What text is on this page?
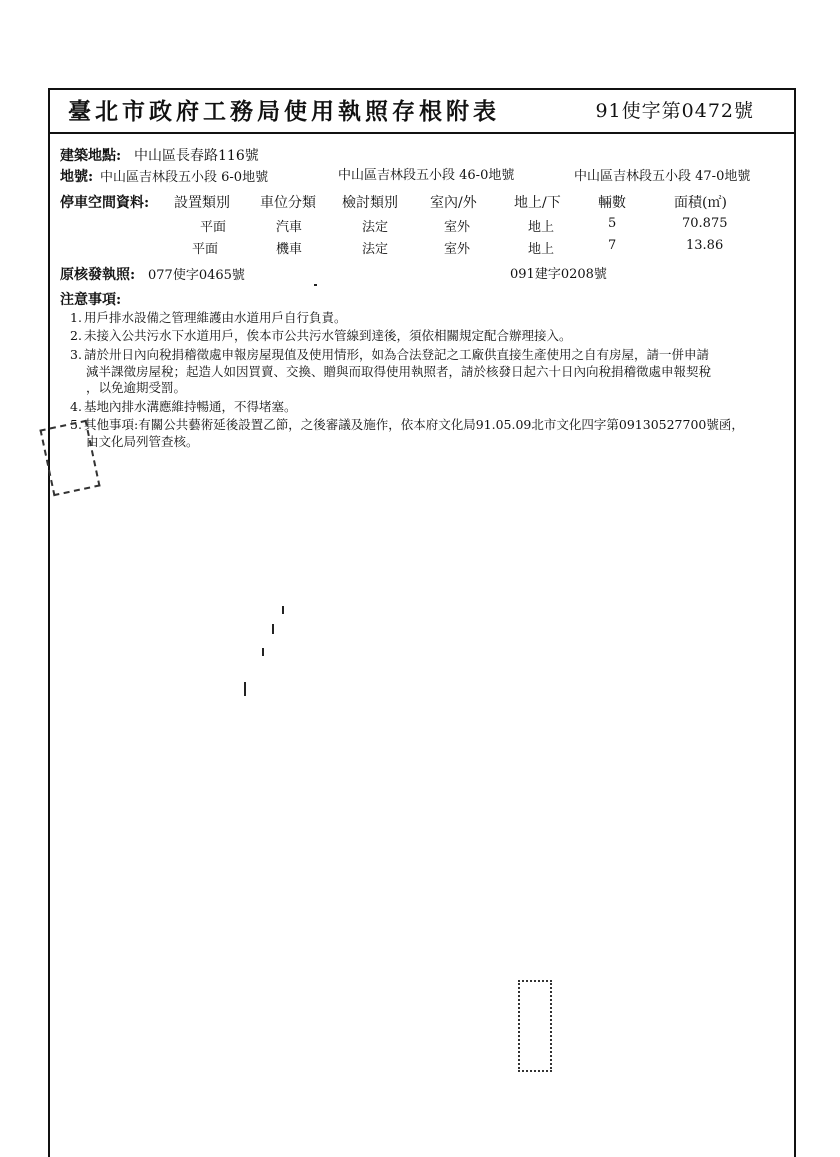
臺北市政府工務局使用執照存根附表	91使字第0472號
建築地點: 中山區長春路116號
地號: 中山區吉林段五小段 6-0地號	中山區吉林段五小段 46-0地號	中山區吉林段五小段 47-0地號
停車空間資料: 設置類別 車位分類 檢討類別 室內/外	地上/下	輛數	面積(㎡)
平面	汽車	法定	室外	地上	5	70.875
平面	機車	法定	室外	地上	7	13.86
原核發執照: 077使字0465號	091建字0208號
注意事項:
1. 用戶排水設備之管理維護由水道用戶自行負責。
2. 未接入公共污水下水道用戶，俟本市公共污水管線到達後，須依相關規定配合辦理接入。
3. 請於卅日內向稅捐稽徵處申報房屋現值及使用情形，如為合法登記之工廠供直接生產使用之自有房屋，請一併申請
減半課徵房屋稅；起造人如因買賣、交換、贈與而取得使用執照者，請於核發日起六十日內向稅捐稽徵處申報契稅
，以免逾期受罰。
4. 基地內排水溝應維持暢通，不得堵塞。
5. 其他事項:有關公共藝術延後設置乙節，之後審議及施作，依本府文化局91.05.09北市文化四字第09130527700號函，
由文化局列管查核。
